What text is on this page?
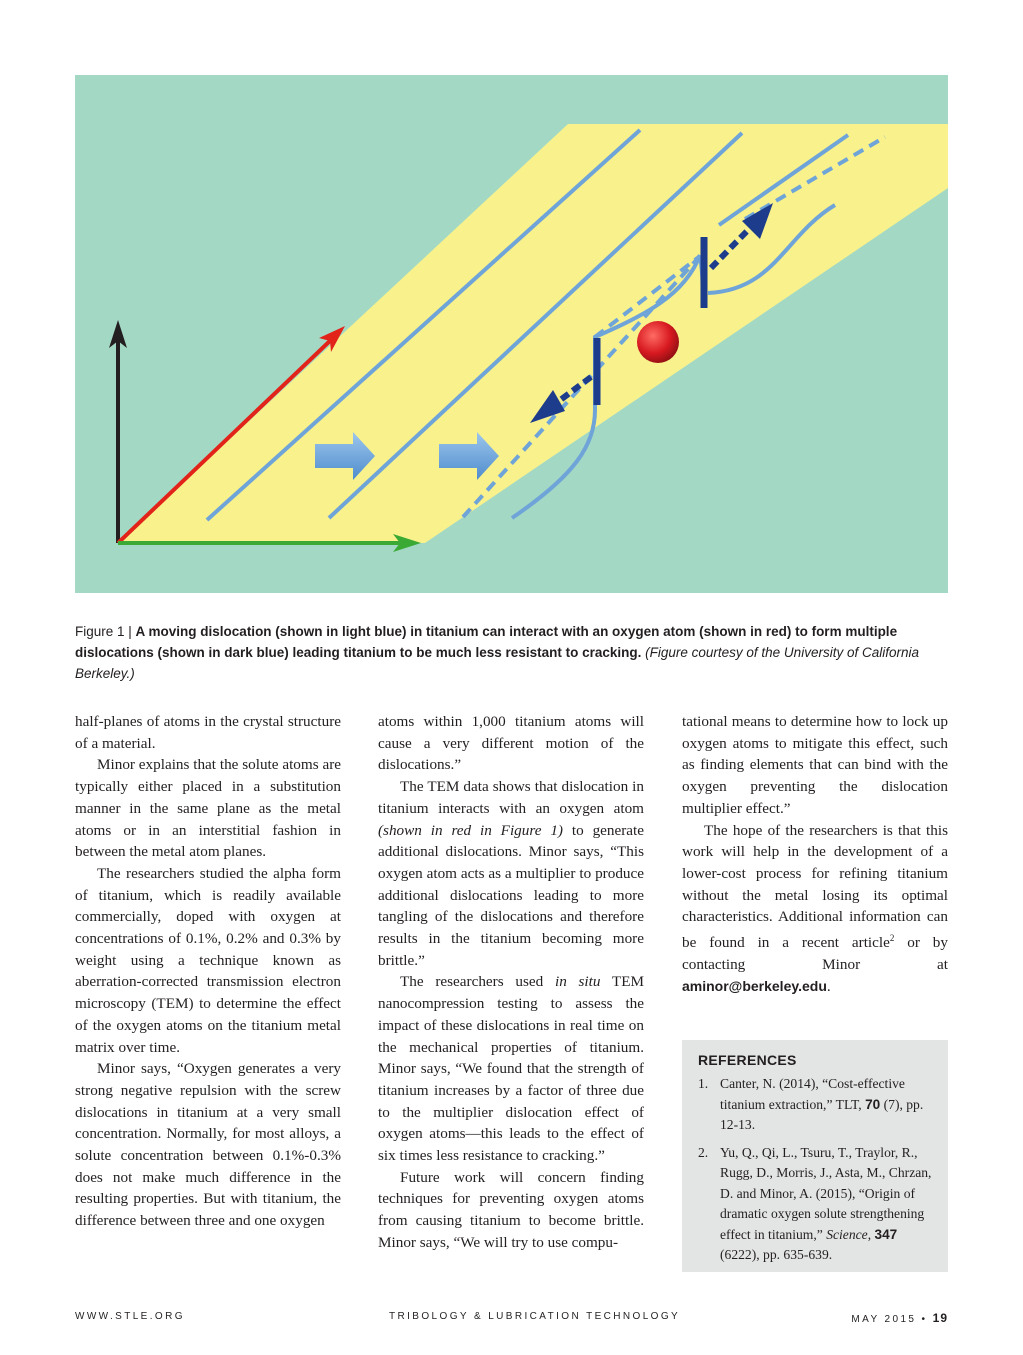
Figure 1 | A moving dislocation (shown in light blue) in titanium can interact with an oxygen atom (shown in red) to form multiple dislocations (shown in dark blue) leading titanium to be much less resistant to cracking. (Figure courtesy of the University of California Berkeley.)

half-planes of atoms in the crystal structure of a material.

Minor explains that the solute atoms are typically either placed in a substitution manner in the same plane as the metal atoms or in an interstitial fashion in between the metal atom planes.

The researchers studied the alpha form of titanium, which is readily available commercially, doped with oxygen at concentrations of 0.1%, 0.2% and 0.3% by weight using a technique known as aberration-corrected transmission electron microscopy (TEM) to determine the effect of the oxygen atoms on the titanium metal matrix over time.

Minor says, “Oxygen generates a very strong negative repulsion with the screw dislocations in titanium at a very small concentration. Normally, for most alloys, a solute concentration between 0.1%-0.3% does not make much difference in the resulting properties. But with titanium, the difference between three and one oxygen

atoms within 1,000 titanium atoms will cause a very different motion of the dislocations.”

The TEM data shows that dislocation in titanium interacts with an oxygen atom (shown in red in Figure 1) to generate additional dislocations. Minor says, “This oxygen atom acts as a multiplier to produce additional dislocations leading to more tangling of the dislocations and therefore results in the titanium becoming more brittle.”

The researchers used in situ TEM nanocompression testing to assess the impact of these dislocations in real time on the mechanical properties of titanium. Minor says, “We found that the strength of titanium increases by a factor of three due to the multiplier dislocation effect of oxygen atoms—this leads to the effect of six times less resistance to cracking.”

Future work will concern finding techniques for preventing oxygen atoms from causing titanium to become brittle. Minor says, “We will try to use compu-

tational means to determine how to lock up oxygen atoms to mitigate this effect, such as finding elements that can bind with the oxygen preventing the dislocation multiplier effect.”

The hope of the researchers is that this work will help in the development of a lower-cost process for refining titanium without the metal losing its optimal characteristics. Additional information can be found in a recent article$^2$ or by contacting Minor at aminor@berkeley.edu.

REFERENCES
1. Canter, N. (2014), “Cost-effective titanium extraction,” TLT, 70 (7), pp. 12-13.
2. Yu, Q., Qi, L., Tsuru, T., Traylor, R., Rugg, D., Morris, J., Asta, M., Chrzan, D. and Minor, A. (2015), “Origin of dramatic oxygen solute strengthening effect in titanium,” Science, 347 (6222), pp. 635-639.
WWW.STLE.ORG	TRIBOLOGY & LUBRICATION TECHNOLOGY	MAY 2015 • 19
